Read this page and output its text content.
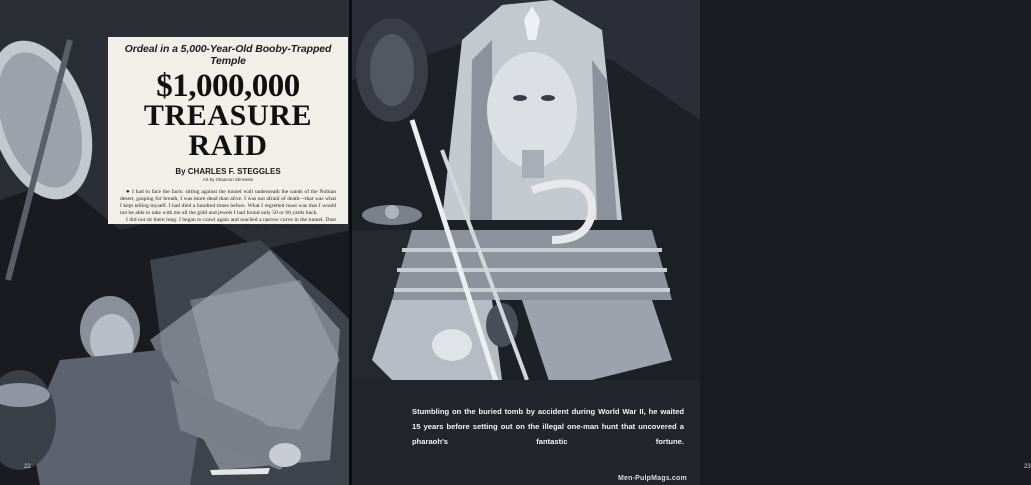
Ordeal in a 5,000-Year-Old Booby-Trapped Temple

$1,000,000
TREASURE RAID
By CHARLES F. STEGGLES
Art by Shannon Stirnweis

● I had to face the facts: sitting against the tunnel wall underneath the sands of the Nubian desert, gasping for breath, I was more dead than alive. I was not afraid of death—that was what I kept telling myself. I had died a hundred times before. What I regretted most was that I would not be able to take with me all the gold and jewels I had found only 50 or 60 yards back.

I did not sit there long. I began to crawl again and reached a narrow curve in the tunnel. Dust and sand trickled down on me and I thought its roof would cave in. (Continued on page 56)

22	23
Stumbling on the buried tomb by accident during World War II, he waited 15 years before setting out on the illegal one-man hunt that uncovered a pharaoh's fantastic fortune.
Men-PulpMags.com
